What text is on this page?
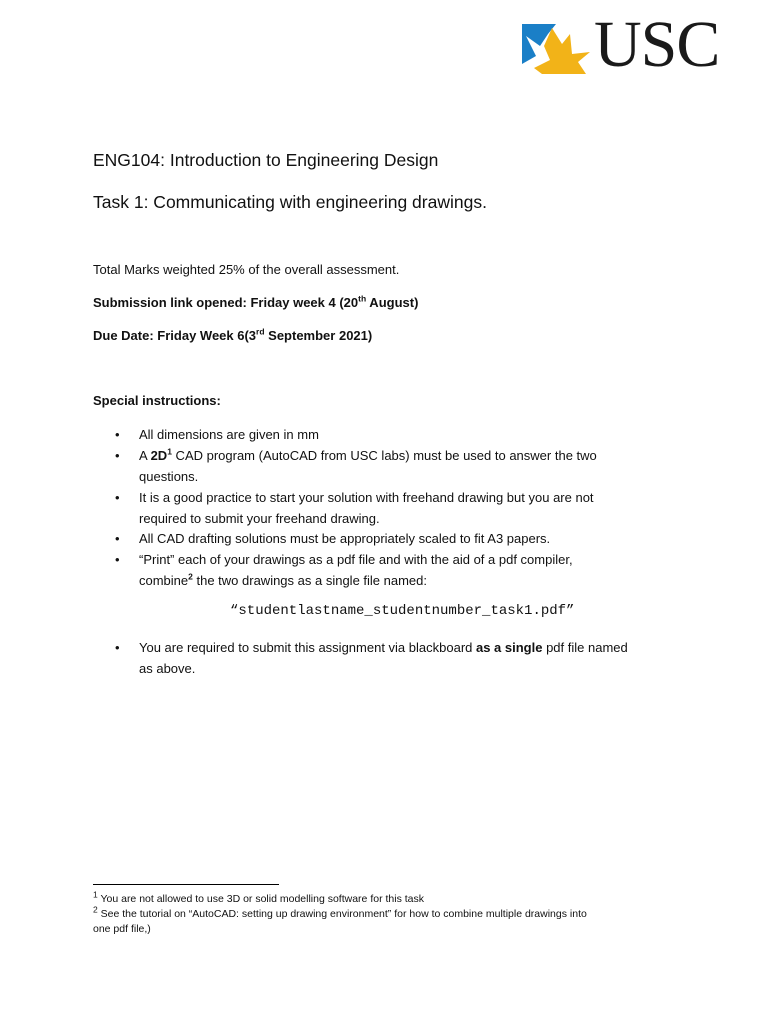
USC
ENG104: Introduction to Engineering Design
Task 1: Communicating with engineering drawings.
Total Marks weighted 25% of the overall assessment.
Submission link opened: Friday week 4 (20th August)
Due Date: Friday Week 6(3rd September 2021)
Special instructions:
• All dimensions are given in mm
• A $2D^1$ CAD program (AutoCAD from USC labs) must be used to answer the two
questions.
• It is a good practice to start your solution with freehand drawing but you are not
required to submit your freehand drawing.
• All CAD drafting solutions must be appropriately scaled to fit A3 papers.
• “Print” each of your drawings as a pdf file and with the aid of a pdf compiler,
combine$^2$ the two drawings as a single file named:
“studentlastname_studentnumber_task1.pdf”
• You are required to submit this assignment via blackboard as a single pdf file named
as above.
$^1$ You are not allowed to use 3D or solid modelling software for this task
$^2$ See the tutorial on “AutoCAD: setting up drawing environment” for how to combine multiple drawings into
one pdf file,)
